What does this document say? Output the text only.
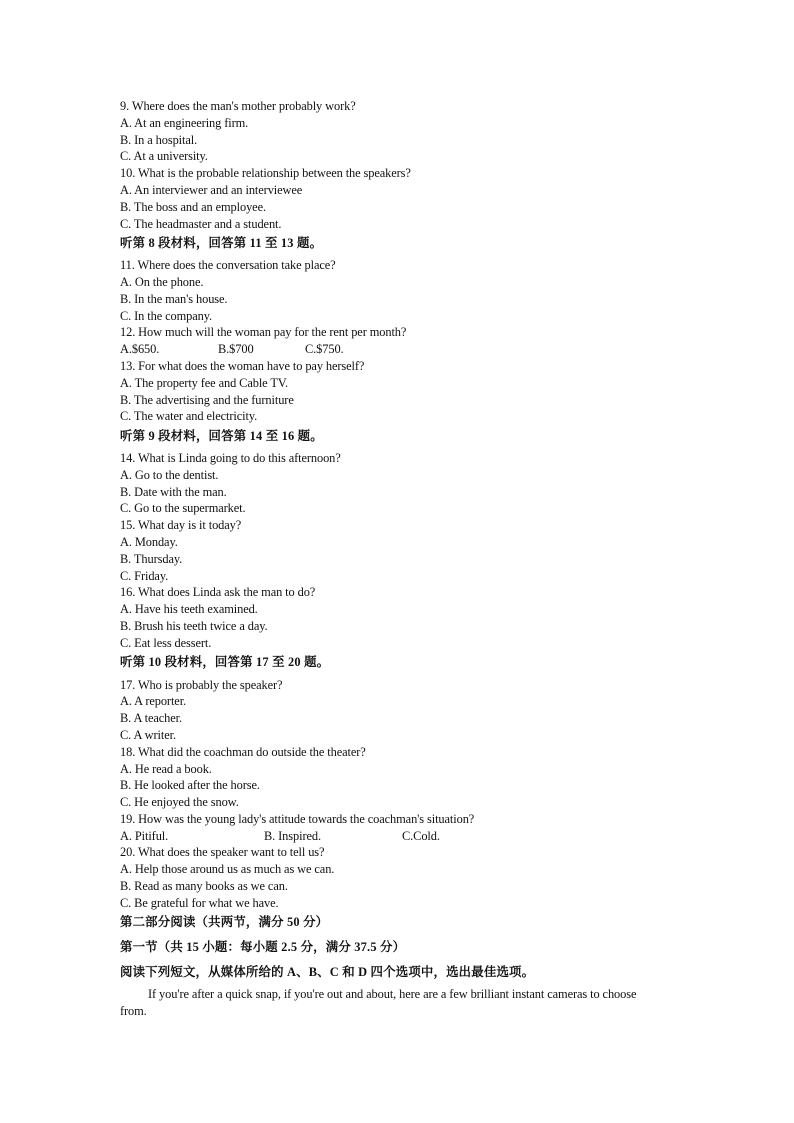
9. Where does the man's mother probably work?
A. At an engineering firm.
B. In a hospital.
C. At a university.
10. What is the probable relationship between the speakers?
A. An interviewer and an interviewee
B. The boss and an employee.
C. The headmaster and a student.
听第 8 段材料，回答第 11 至 13 题。
11. Where does the conversation take place?
A. On the phone.
B. In the man's house.
C. In the company.
12. How much will the woman pay for the rent per month?
A.$650.	B.$700	C.$750.
13. For what does the woman have to pay herself?
A. The property fee and Cable TV.
B. The advertising and the furniture
C. The water and electricity.
听第 9 段材料，回答第 14 至 16 题。
14. What is Linda going to do this afternoon?
A. Go to the dentist.
B. Date with the man.
C. Go to the supermarket.
15. What day is it today?
A. Monday.
B. Thursday.
C. Friday.
16. What does Linda ask the man to do?
A. Have his teeth examined.
B. Brush his teeth twice a day.
C. Eat less dessert.
听第 10 段材料，回答第 17 至 20 题。
17. Who is probably the speaker?
A. A reporter.
B. A teacher.
C. A writer.
18. What did the coachman do outside the theater?
A. He read a book.
B. He looked after the horse.
C. He enjoyed the snow.
19. How was the young lady's attitude towards the coachman's situation?
A. Pitiful.	B. Inspired.	C.Cold.
20. What does the speaker want to tell us?
A. Help those around us as much as we can.
B. Read as many books as we can.
C. Be grateful for what we have.
第二部分阅读（共两节，满分 50 分）
第一节（共 15 小题：每小题 2.5 分，满分 37.5 分）
阅读下列短文，从媒体所给的 A、B、C 和 D 四个选项中，选出最佳选项。
If you're after a quick snap, if you're out and about, here are a few brilliant instant cameras to choose
from.
